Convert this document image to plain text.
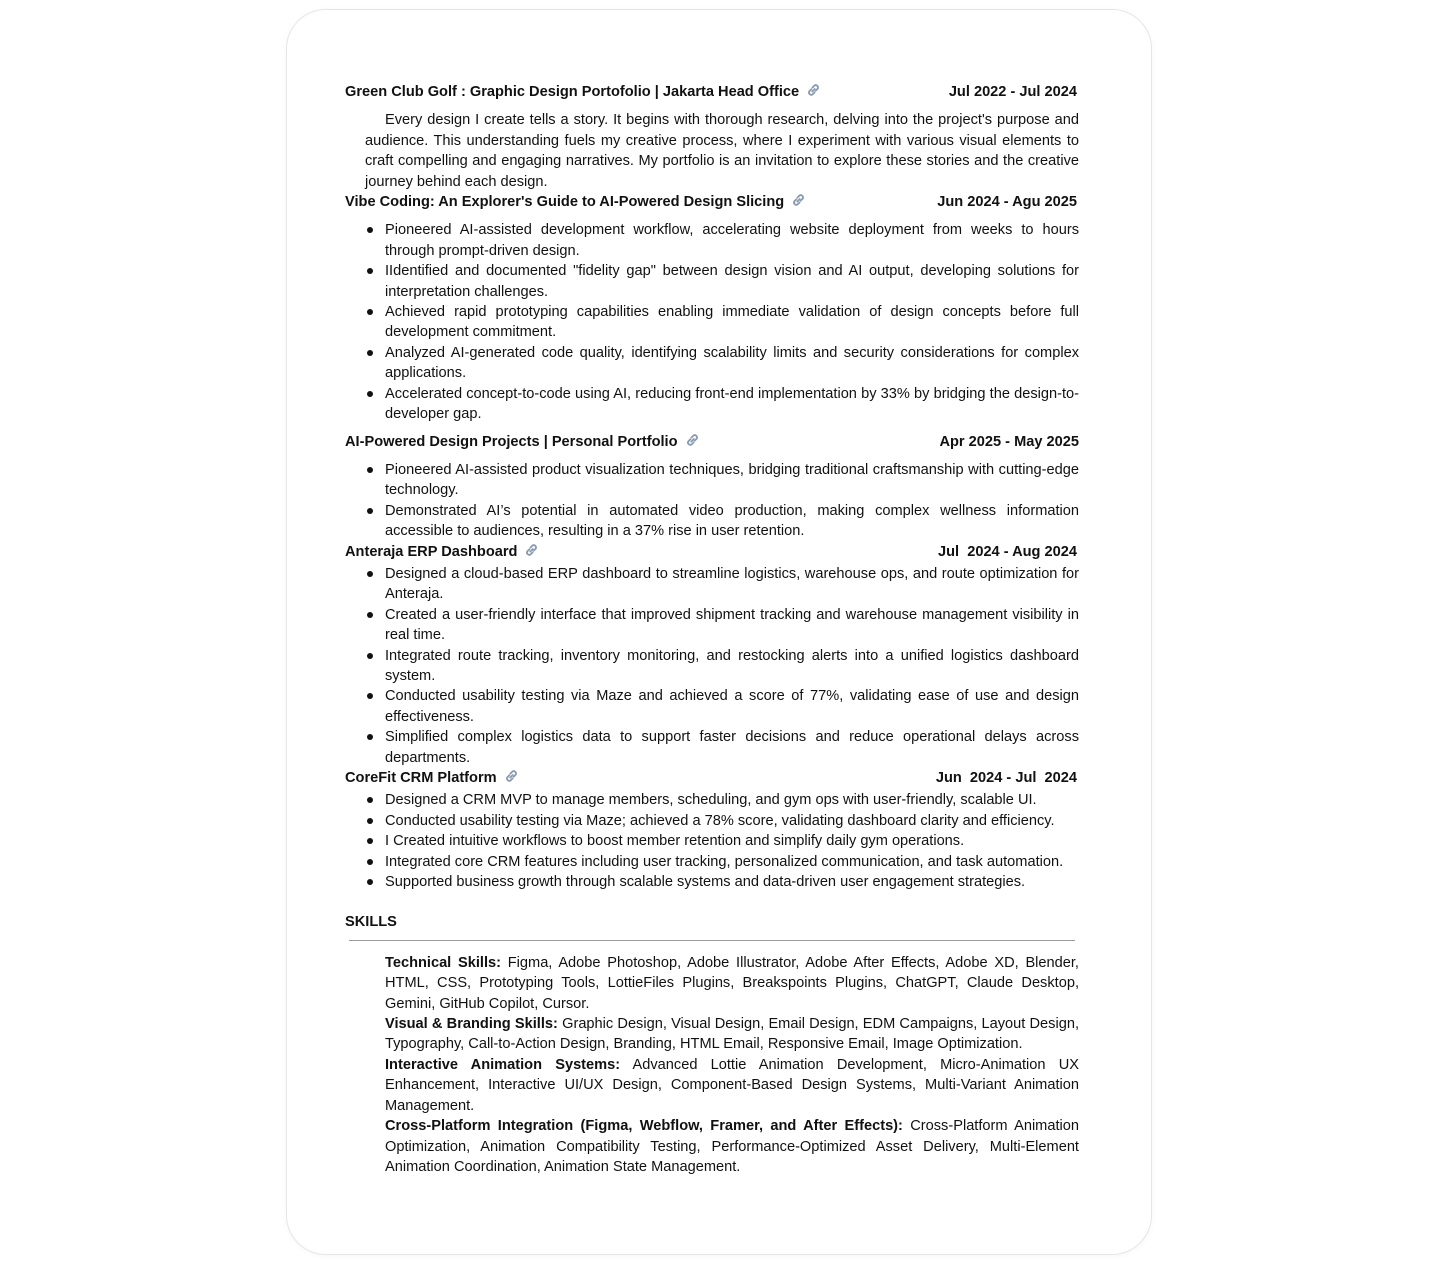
Green Club Golf : Graphic Design Portofolio | Jakarta Head Office	Jul 2022 - Jul 2024

Every design I create tells a story. It begins with thorough research, delving into the project's purpose and audience. This understanding fuels my creative process, where I experiment with various visual elements to craft compelling and engaging narratives. My portfolio is an invitation to explore these stories and the creative journey behind each design.

Vibe Coding: An Explorer's Guide to AI-Powered Design Slicing	Jun 2024 - Agu 2025
Pioneered AI-assisted development workflow, accelerating website deployment from weeks to hours through prompt-driven design.
IIdentified and documented "fidelity gap" between design vision and AI output, developing solutions for interpretation challenges.
Achieved rapid prototyping capabilities enabling immediate validation of design concepts before full development commitment.
Analyzed AI-generated code quality, identifying scalability limits and security considerations for complex applications.
Accelerated concept-to-code using AI, reducing front-end implementation by 33% by bridging the design-to-developer gap.
AI-Powered Design Projects | Personal Portfolio	Apr 2025 - May 2025
Pioneered AI-assisted product visualization techniques, bridging traditional craftsmanship with cutting-edge technology.
Demonstrated AI’s potential in automated video production, making complex wellness information accessible to audiences, resulting in a 37% rise in user retention.
Anteraja ERP Dashboard	Jul  2024 - Aug 2024
Designed a cloud-based ERP dashboard to streamline logistics, warehouse ops, and route optimization for Anteraja.
Created a user-friendly interface that improved shipment tracking and warehouse management visibility in real time.
Integrated route tracking, inventory monitoring, and restocking alerts into a unified logistics dashboard system.
Conducted usability testing via Maze and achieved a score of 77%, validating ease of use and design effectiveness.
Simplified complex logistics data to support faster decisions and reduce operational delays across departments.
CoreFit CRM Platform	Jun  2024 - Jul  2024
Designed a CRM MVP to manage members, scheduling, and gym ops with user-friendly, scalable UI.
Conducted usability testing via Maze; achieved a 78% score, validating dashboard clarity and efficiency.
I Created intuitive workflows to boost member retention and simplify daily gym operations.
Integrated core CRM features including user tracking, personalized communication, and task automation.
Supported business growth through scalable systems and data-driven user engagement strategies.
SKILLS
Technical Skills: Figma, Adobe Photoshop, Adobe Illustrator, Adobe After Effects, Adobe XD, Blender, HTML, CSS, Prototyping Tools, LottieFiles Plugins, Breakspoints Plugins, ChatGPT, Claude Desktop, Gemini, GitHub Copilot, Cursor.
Visual & Branding Skills: Graphic Design, Visual Design, Email Design, EDM Campaigns, Layout Design, Typography, Call-to-Action Design, Branding, HTML Email, Responsive Email, Image Optimization.
Interactive Animation Systems: Advanced Lottie Animation Development, Micro-Animation UX Enhancement, Interactive UI/UX Design, Component-Based Design Systems, Multi-Variant Animation Management.
Cross-Platform Integration (Figma, Webflow, Framer, and After Effects): Cross-Platform Animation Optimization, Animation Compatibility Testing, Performance-Optimized Asset Delivery, Multi-Element Animation Coordination, Animation State Management.
